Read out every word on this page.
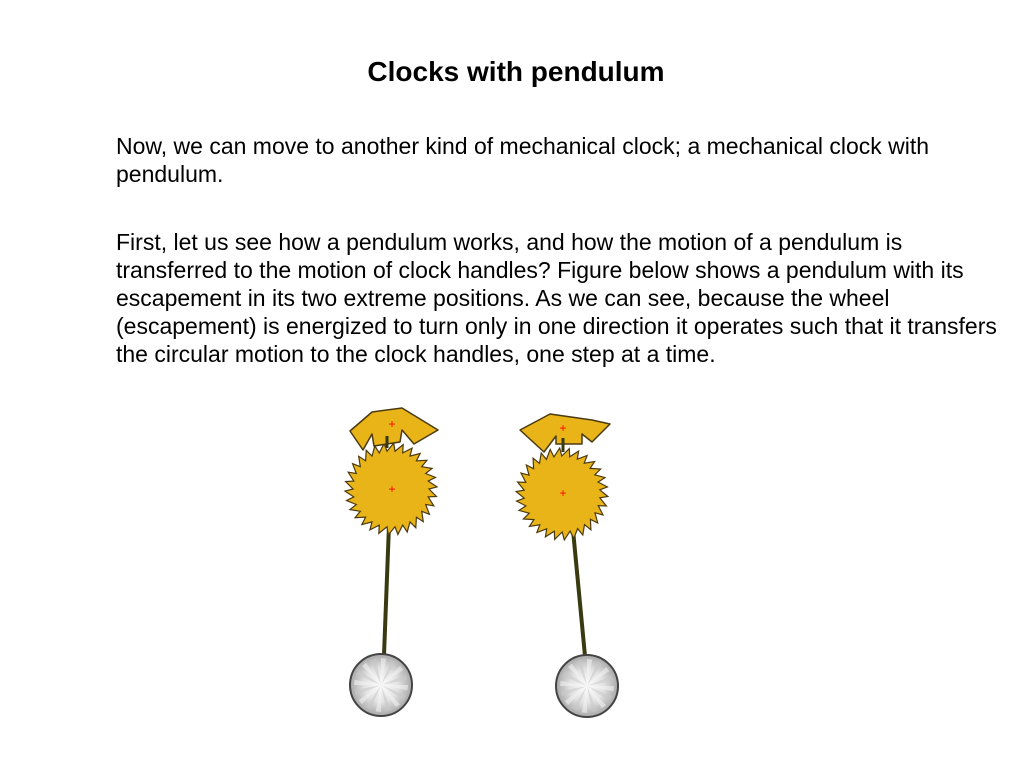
Clocks with pendulum

Now, we can move to another kind of mechanical clock; a mechanical clock with pendulum.

First, let us see how a pendulum works, and how the motion of a pendulum is transferred to the motion of clock handles? Figure below shows a pendulum with its escapement in its two extreme positions. As we can see, because the wheel (escapement) is energized to turn only in one direction it operates such that it transfers the circular motion to the clock handles, one step at a time.

+
+
+
+
